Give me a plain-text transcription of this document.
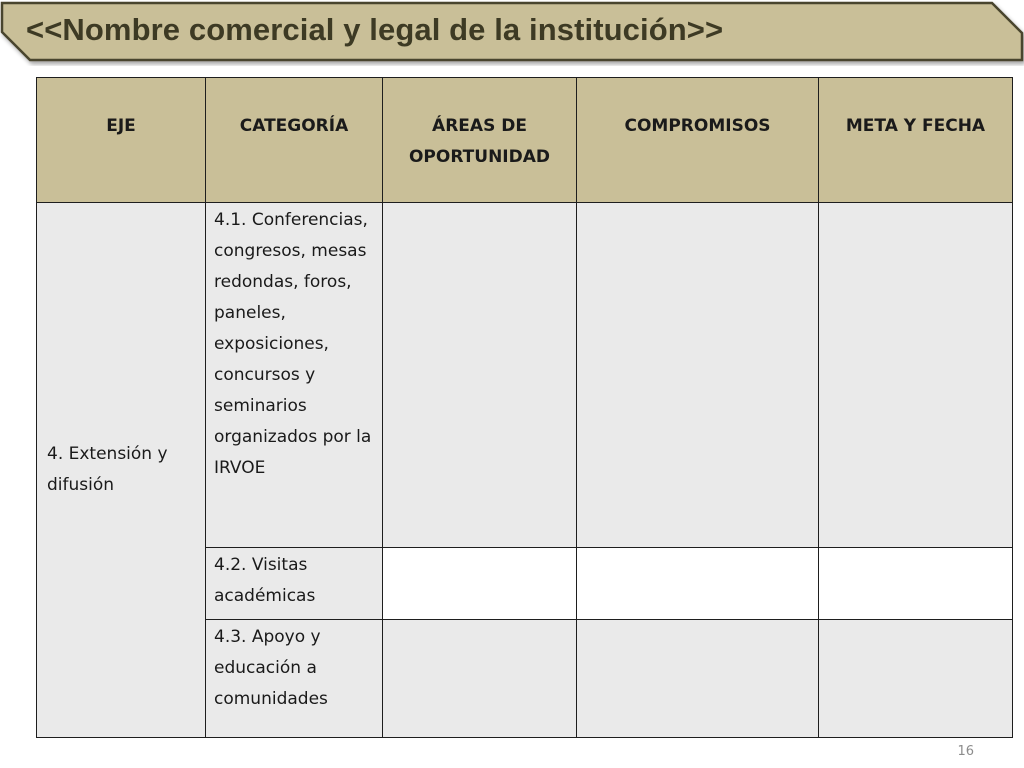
<<Nombre comercial y legal de la institución>>
EJE	CATEGORÍA	ÁREAS DE OPORTUNIDAD	COMPROMISOS	META Y FECHA
4. Extensión y difusión	4.1. Conferencias, congresos, mesas redondas, foros, paneles, exposiciones, concursos y seminarios organizados por la IRVOE			
	4.2. Visitas académicas			
	4.3. Apoyo y educación a comunidades			
16
